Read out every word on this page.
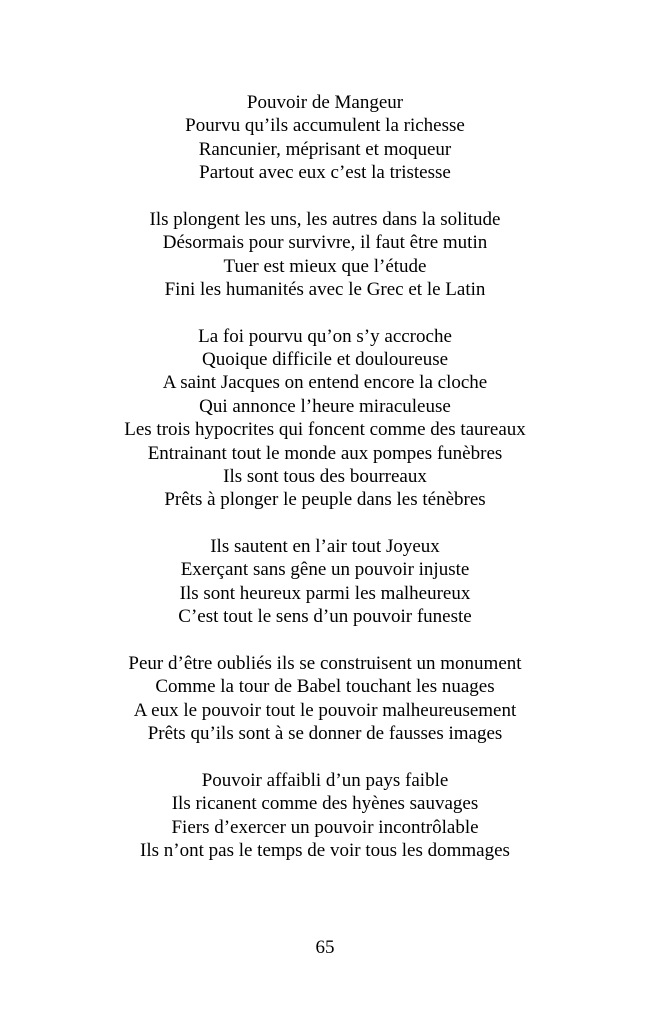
Pouvoir de Mangeur
Pourvu qu’ils accumulent la richesse
Rancunier, méprisant et moqueur
Partout avec eux c’est la tristesse
Ils plongent les uns, les autres dans la solitude
Désormais pour survivre, il faut être mutin
Tuer est mieux que l’étude
Fini les humanités avec le Grec et le Latin
La foi pourvu qu’on s’y accroche
Quoique difficile et douloureuse
A saint Jacques on entend encore la cloche
Qui annonce l’heure miraculeuse
Les trois hypocrites qui foncent comme des taureaux
Entrainant tout le monde aux pompes funèbres
Ils sont tous des bourreaux
Prêts à plonger le peuple dans les ténèbres
Ils sautent en l’air tout Joyeux
Exerçant sans gêne un pouvoir injuste
Ils sont heureux parmi les malheureux
C’est tout le sens d’un pouvoir funeste
Peur d’être oubliés ils se construisent un monument
Comme la tour de Babel touchant les nuages
A eux le pouvoir tout le pouvoir malheureusement
Prêts qu’ils sont à se donner de fausses images
Pouvoir affaibli d’un pays faible
Ils ricanent comme des hyènes sauvages
Fiers d’exercer un pouvoir incontrôlable
Ils n’ont pas le temps de voir tous les dommages
65
